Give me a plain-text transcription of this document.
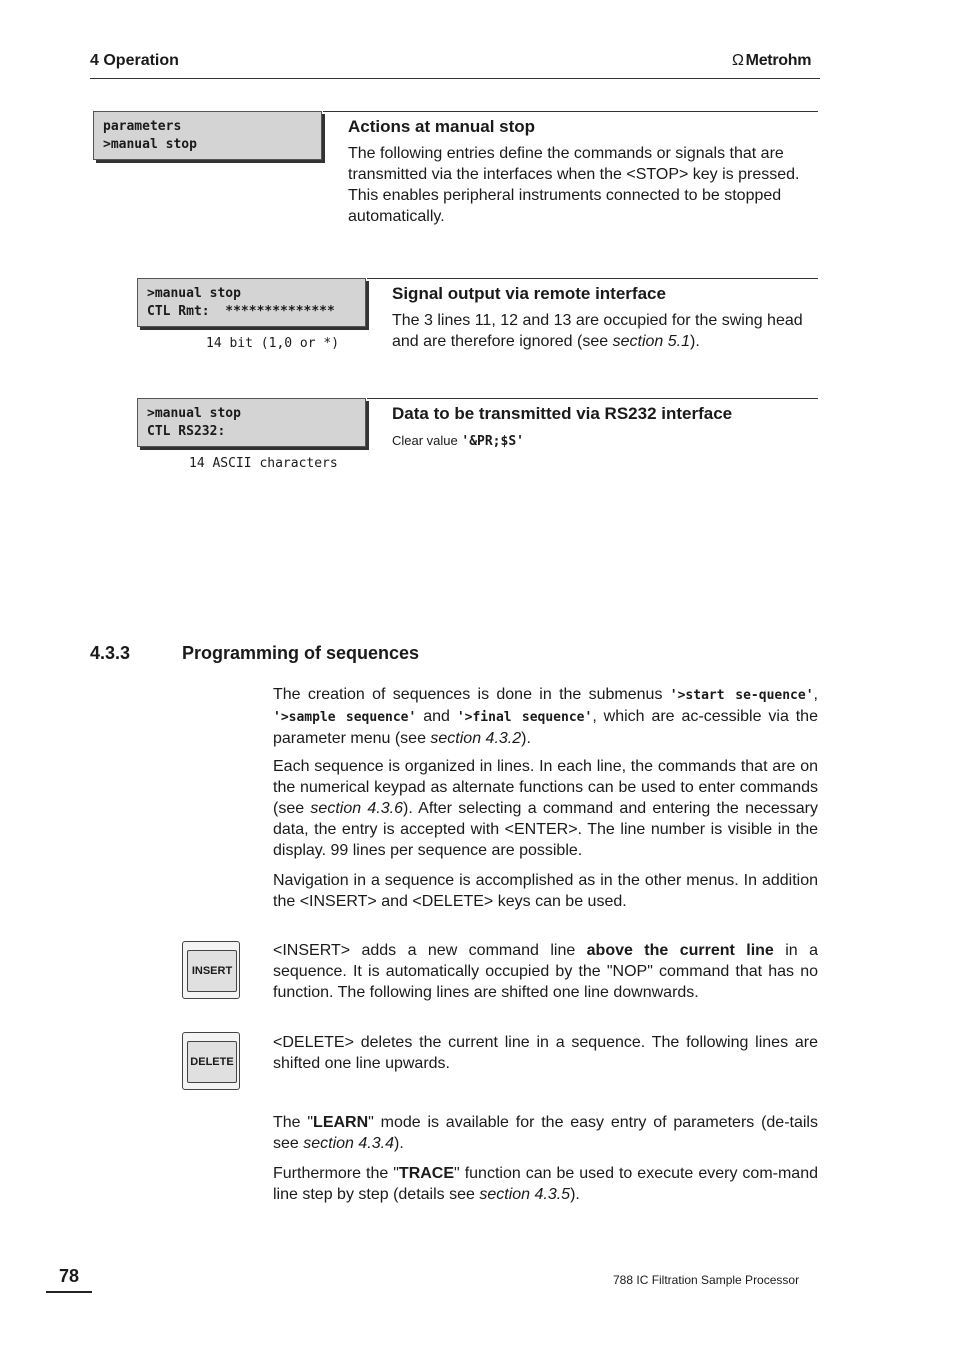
4 Operation	Ω Metrohm
parameters
>manual stop
Actions at manual stop
The following entries define the commands or signals that are transmitted via the interfaces when the <STOP> key is pressed. This enables peripheral instruments connected to be stopped automatically.
>manual stop
CTL Rmt:  **************
14 bit (1,0 or *)
Signal output via remote interface
The 3 lines 11, 12 and 13 are occupied for the swing head and are therefore ignored (see section 5.1).
>manual stop
CTL RS232:
14 ASCII characters
Data to be transmitted via RS232 interface
Clear value '&PR;$S'
4.3.3	Programming of sequences
The creation of sequences is done in the submenus '>start se-quence', '>sample sequence' and '>final sequence', which are ac-cessible via the parameter menu (see section 4.3.2).
Each sequence is organized in lines. In each line, the commands that are on the numerical keypad as alternate functions can be used to enter commands (see section 4.3.6). After selecting a command and entering the necessary data, the entry is accepted with <ENTER>. The line number is visible in the display. 99 lines per sequence are possible.
Navigation in a sequence is accomplished as in the other menus. In addition the <INSERT> and <DELETE> keys can be used.
INSERT
<INSERT> adds a new command line above the current line in a sequence. It is automatically occupied by the "NOP" command that has no function. The following lines are shifted one line downwards.
DELETE
<DELETE> deletes the current line in a sequence. The following lines are shifted one line upwards.
The "LEARN" mode is available for the easy entry of parameters (de-tails see section 4.3.4).
Furthermore the "TRACE" function can be used to execute every com-mand line step by step (details see section 4.3.5).
78	788 IC Filtration Sample Processor
